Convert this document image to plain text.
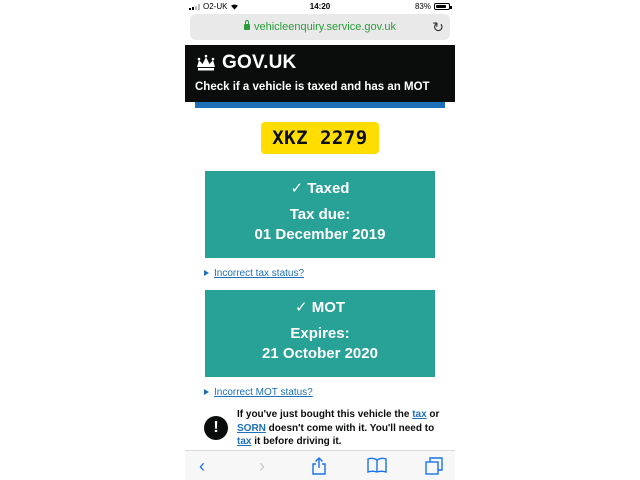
O2-UK	14:20	83%
vehicleenquiry.service.gov.uk	↻
GOV.UK
Check if a vehicle is taxed and has an MOT
XKZ 2279
✓ Taxed
Tax due:
01 December 2019
Incorrect tax status?
✓ MOT
Expires:
21 October 2020
Incorrect MOT status?
!
If you've just bought this vehicle the tax or SORN doesn't come with it. You'll need to tax it before driving it.
‹	›
